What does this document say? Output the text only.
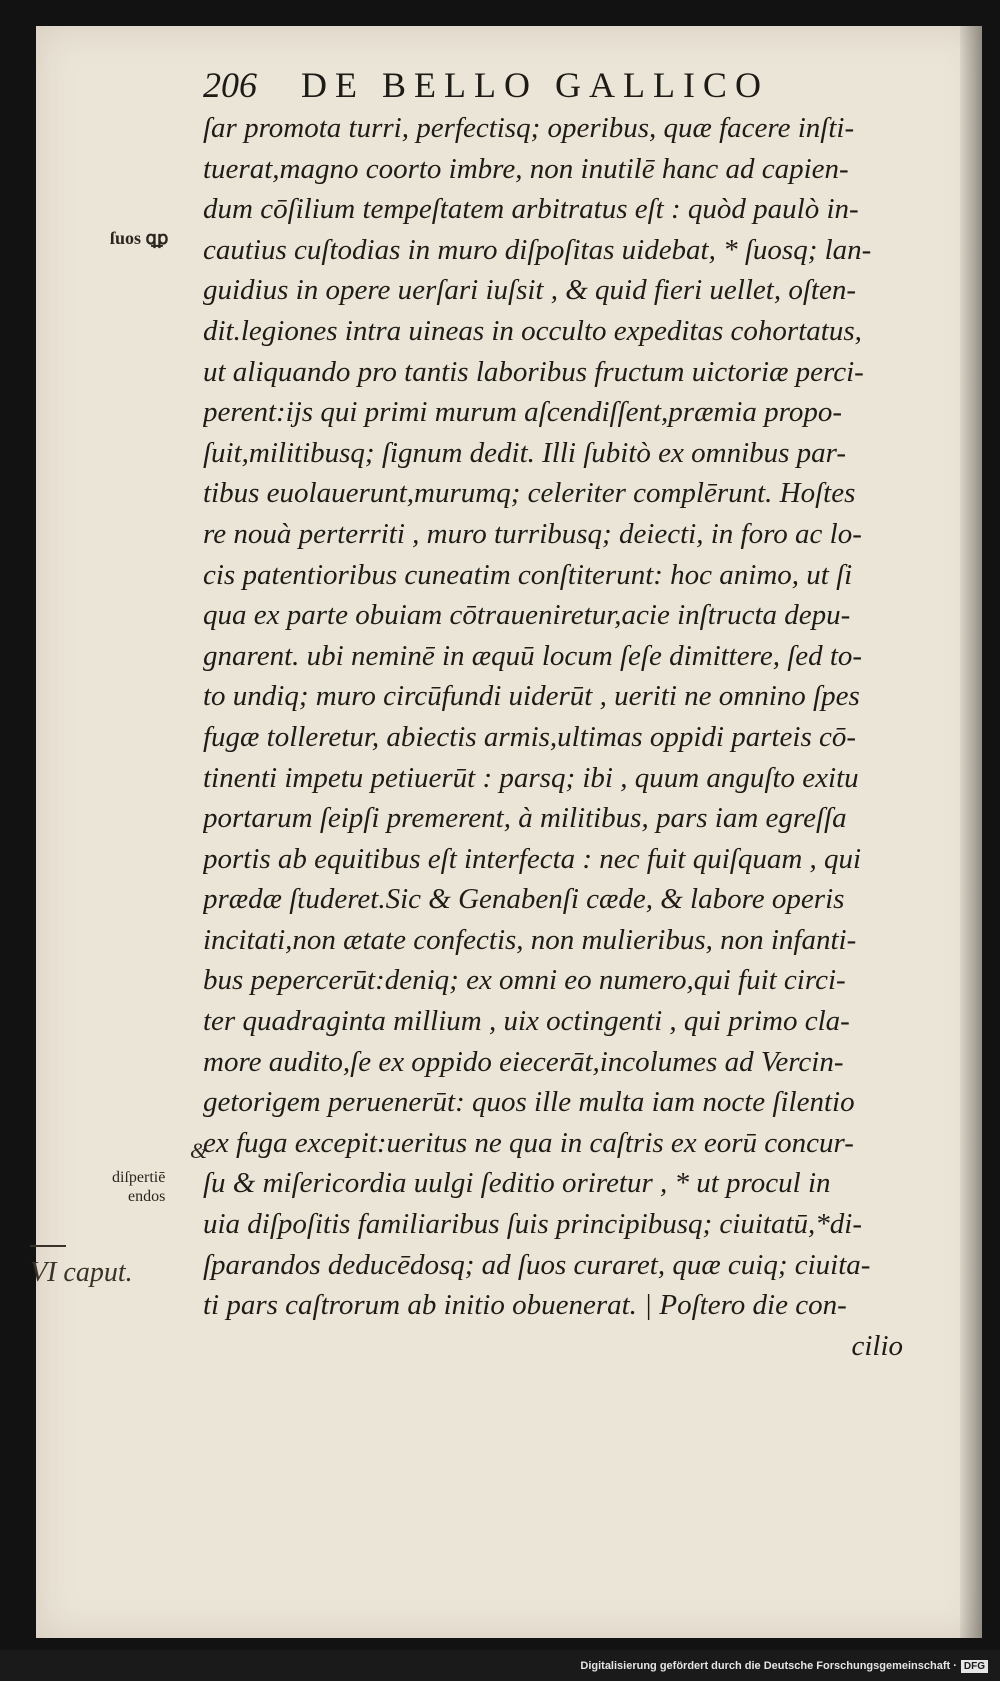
206 DE BELLO GALLICO
ſar promota turri, perfectisq; operibus, quæ facere inſti-
tuerat,magno coorto imbre, non inutilē hanc ad capien-
dum cōſilium tempeſtatem arbitratus eſt : quòd paulò in-
cautius cuſtodias in muro diſpoſitas uidebat, * ſuosq; lan-
guidius in opere uerſari iuſsit , & quid fieri uellet, oſten-
dit.legiones intra uineas in occulto expeditas cohortatus,
ut aliquando pro tantis laboribus fructum uictoriæ perci-
perent:ijs qui primi murum aſcendiſſent,præmia propo-
ſuit,militibusq; ſignum dedit. Illi ſubitò ex omnibus par-
tibus euolauerunt,murumq; celeriter complērunt. Hoſtes
re nouà perterriti , muro turribusq; deiecti, in foro ac lo-
cis patentioribus cuneatim conſtiterunt: hoc animo, ut ſi
qua ex parte obuiam cōtraueniretur,acie inſtructa depu-
gnarent. ubi neminē in æquū locum ſeſe dimittere, ſed to-
to undiq; muro circūfundi uiderūt , ueriti ne omnino ſpes
fugæ tolleretur, abiectis armis,ultimas oppidi parteis cō-
tinenti impetu petiuerūt : parsq; ibi , quum anguſto exitu
portarum ſeipſi premerent, à militibus, pars iam egreſſa
portis ab equitibus eſt interfecta : nec fuit quiſquam , qui
prædæ ſtuderet.Sic & Genabenſi cæde, & labore operis
incitati,non ætate confectis, non mulieribus, non infanti-
bus pepercerūt:deniq; ex omni eo numero,qui fuit circi-
ter quadraginta millium , uix octingenti , qui primo cla-
more audito,ſe ex oppido eiecerāt,incolumes ad Vercin-
getorigem peruenerūt: quos ille multa iam nocte ſilentio
ex fuga excepit:ueritus ne qua in caſtris ex eorū concur-
ſu & miſericordia uulgi ſeditio oriretur , * ut procul in
uia diſpoſitis familiaribus ſuis principibusq; ciuitatū,*di-
ſparandos deducēdosq; ad ſuos curaret, quæ cuiq; ciuita-
ti pars caſtrorum ab initio obuenerat. | Poſtero die con-
cilio
ſuos ꝗꝑ
&
diſpertiē
endos
VI caput.
Digitalisierung gefördert durch die Deutsche Forschungsgemeinschaft · DFG
